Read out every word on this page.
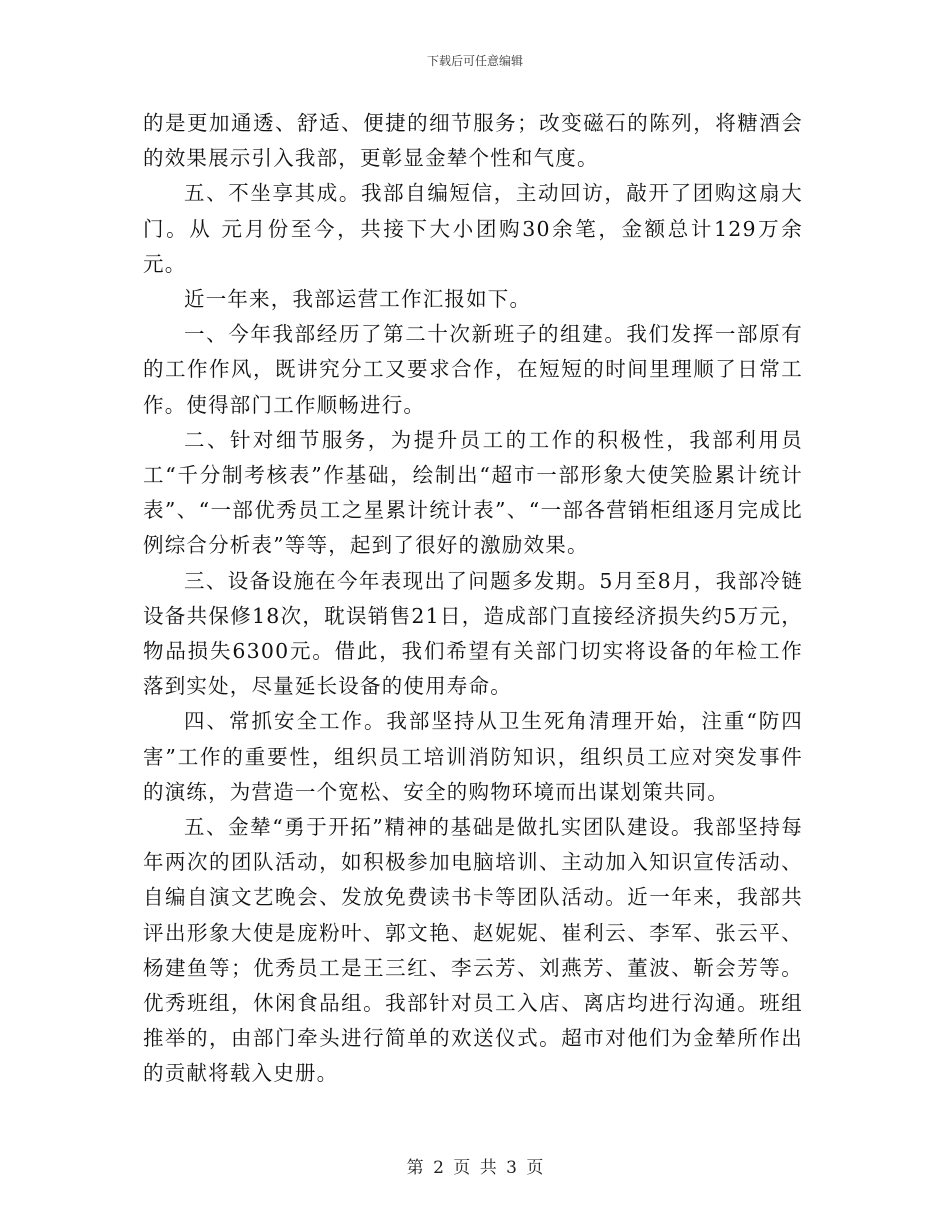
下载后可任意编辑

的是更加通透、舒适、便捷的细节服务；改变磁石的陈列，将糖酒会的效果展示引入我部，更彰显金辇个性和气度。

五、不坐享其成。我部自编短信，主动回访，敲开了团购这扇大门。从 元月份至今，共接下大小团购30余笔，金额总计129万余元。

近一年来，我部运营工作汇报如下。

一、今年我部经历了第二十次新班子的组建。我们发挥一部原有的工作作风，既讲究分工又要求合作，在短短的时间里理顺了日常工作。使得部门工作顺畅进行。

二、针对细节服务，为提升员工的工作的积极性，我部利用员工“千分制考核表”作基础，绘制出“超市一部形象大使笑脸累计统计表”、“一部优秀员工之星累计统计表”、“一部各营销柜组逐月完成比例综合分析表”等等，起到了很好的激励效果。

三、设备设施在今年表现出了问题多发期。5月至8月，我部冷链设备共保修18次，耽误销售21日，造成部门直接经济损失约5万元，物品损失6300元。借此，我们希望有关部门切实将设备的年检工作落到实处，尽量延长设备的使用寿命。

四、常抓安全工作。我部坚持从卫生死角清理开始，注重“防四害”工作的重要性，组织员工培训消防知识，组织员工应对突发事件的演练，为营造一个宽松、安全的购物环境而出谋划策共同。

五、金辇“勇于开拓”精神的基础是做扎实团队建设。我部坚持每年两次的团队活动，如积极参加电脑培训、主动加入知识宣传活动、自编自演文艺晚会、发放免费读书卡等团队活动。近一年来，我部共评出形象大使是庞粉叶、郭文艳、赵妮妮、崔利云、李军、张云平、杨建鱼等；优秀员工是王三红、李云芳、刘燕芳、董波、靳会芳等。优秀班组，休闲食品组。我部针对员工入店、离店均进行沟通。班组推举的，由部门牵头进行简单的欢送仪式。超市对他们为金辇所作出的贡献将载入史册。

第 2 页 共 3 页
